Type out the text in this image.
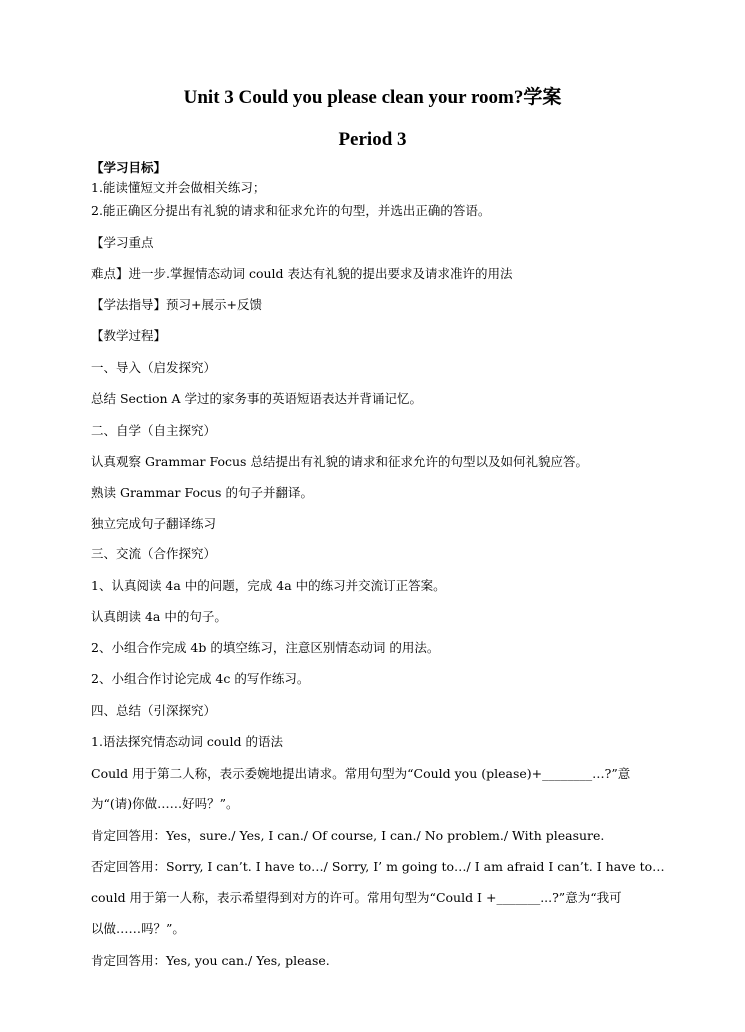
Unit 3 Could you please clean your room?学案
Period 3
【学习目标】
1.能读懂短文并会做相关练习；
2.能正确区分提出有礼貌的请求和征求允许的句型，并选出正确的答语。
【学习重点
难点】进一步.掌握情态动词 could 表达有礼貌的提出要求及请求准许的用法
【学法指导】预习+展示+反馈
【教学过程】
一、导入（启发探究）
总结 Section A 学过的家务事的英语短语表达并背诵记忆。
二、自学（自主探究）
认真观察 Grammar Focus 总结提出有礼貌的请求和征求允许的句型以及如何礼貌应答。
熟读 Grammar Focus 的句子并翻译。
独立完成句子翻译练习
三、交流（合作探究）
1、认真阅读 4a 中的问题，完成 4a 中的练习并交流订正答案。
认真朗读 4a 中的句子。
2、小组合作完成 4b 的填空练习，注意区别情态动词 的用法。
2、小组合作讨论完成 4c 的写作练习。
四、总结（引深探究）
1.语法探究情态动词 could 的语法
Could 用于第二人称，表示委婉地提出请求。常用句型为“Could you (please)+________…?”意
为“(请)你做……好吗？”。
肯定回答用：Yes，sure./ Yes, I can./ Of course, I can./ No problem./ With pleasure.
否定回答用：Sorry, I can’t. I have to…/ Sorry, I’ m going to…/ I am afraid I can’t. I have to…
could 用于第一人称，表示希望得到对方的许可。常用句型为“Could I +_______...?”意为“我可
以做……吗？”。
肯定回答用：Yes, you can./ Yes, please.
